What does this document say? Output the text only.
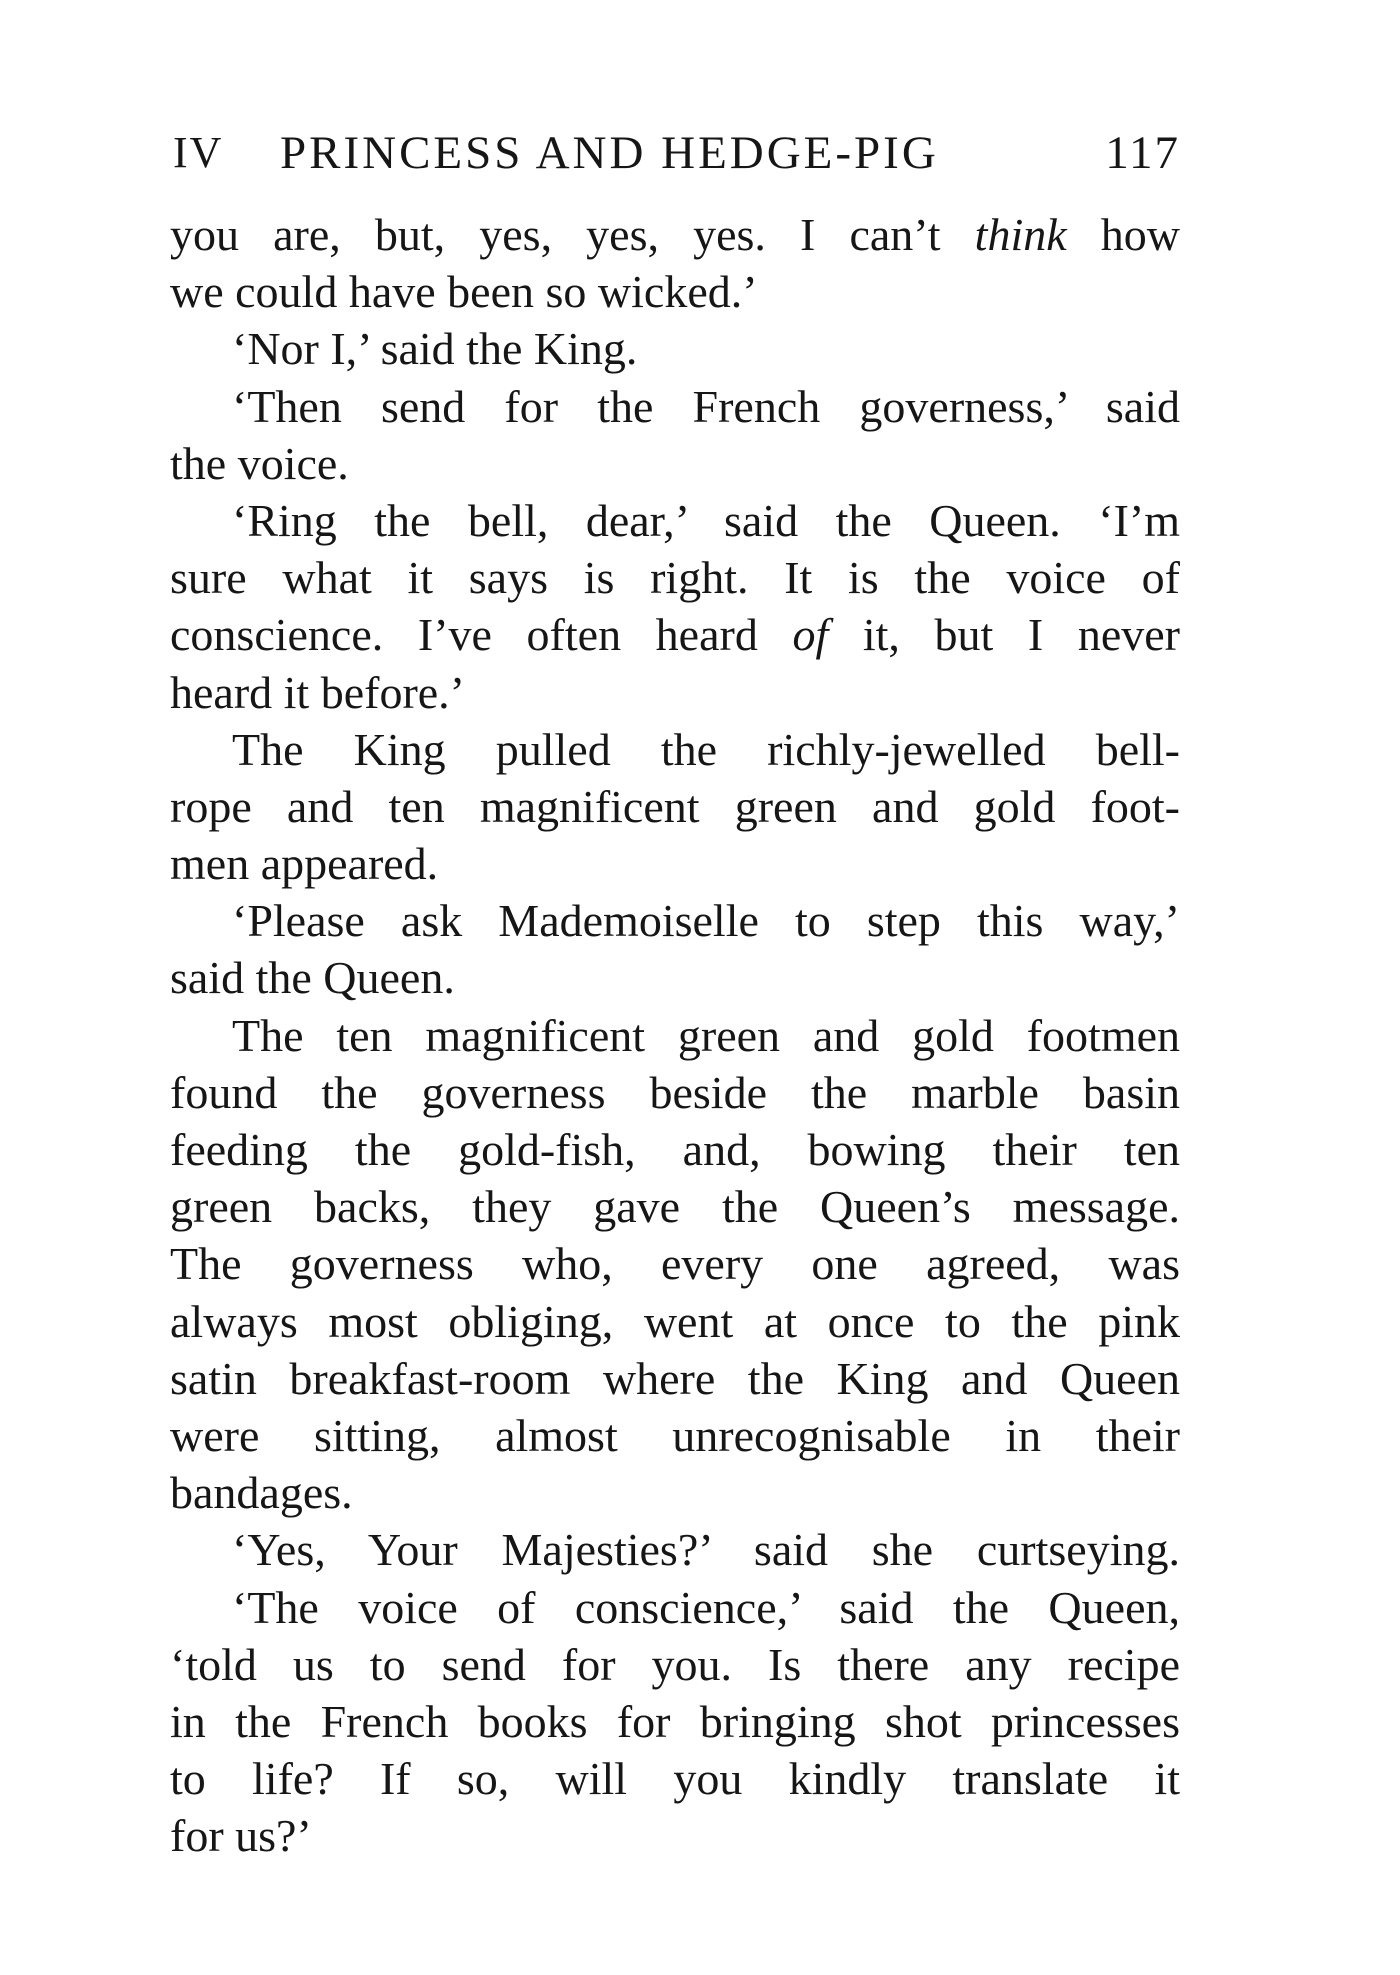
IV PRINCESS AND HEDGE-PIG	117
you are, but, yes, yes, yes. I can’t think how
we could have been so wicked.’
‘Nor I,’ said the King.
‘Then send for the French governess,’ said
the voice.
‘Ring the bell, dear,’ said the Queen. ‘I’m
sure what it says is right. It is the voice of
conscience. I’ve often heard of it, but I never
heard it before.’
The King pulled the richly-jewelled bell-
rope and ten magnificent green and gold foot-
men appeared.
‘Please ask Mademoiselle to step this way,’
said the Queen.
The ten magnificent green and gold footmen
found the governess beside the marble basin
feeding the gold-fish, and, bowing their ten
green backs, they gave the Queen’s message.
The governess who, every one agreed, was
always most obliging, went at once to the pink
satin breakfast-room where the King and Queen
were sitting, almost unrecognisable in their
bandages.
‘Yes, Your Majesties?’ said she curtseying.
‘The voice of conscience,’ said the Queen,
‘told us to send for you. Is there any recipe
in the French books for bringing shot princesses
to life? If so, will you kindly translate it
for us?’
